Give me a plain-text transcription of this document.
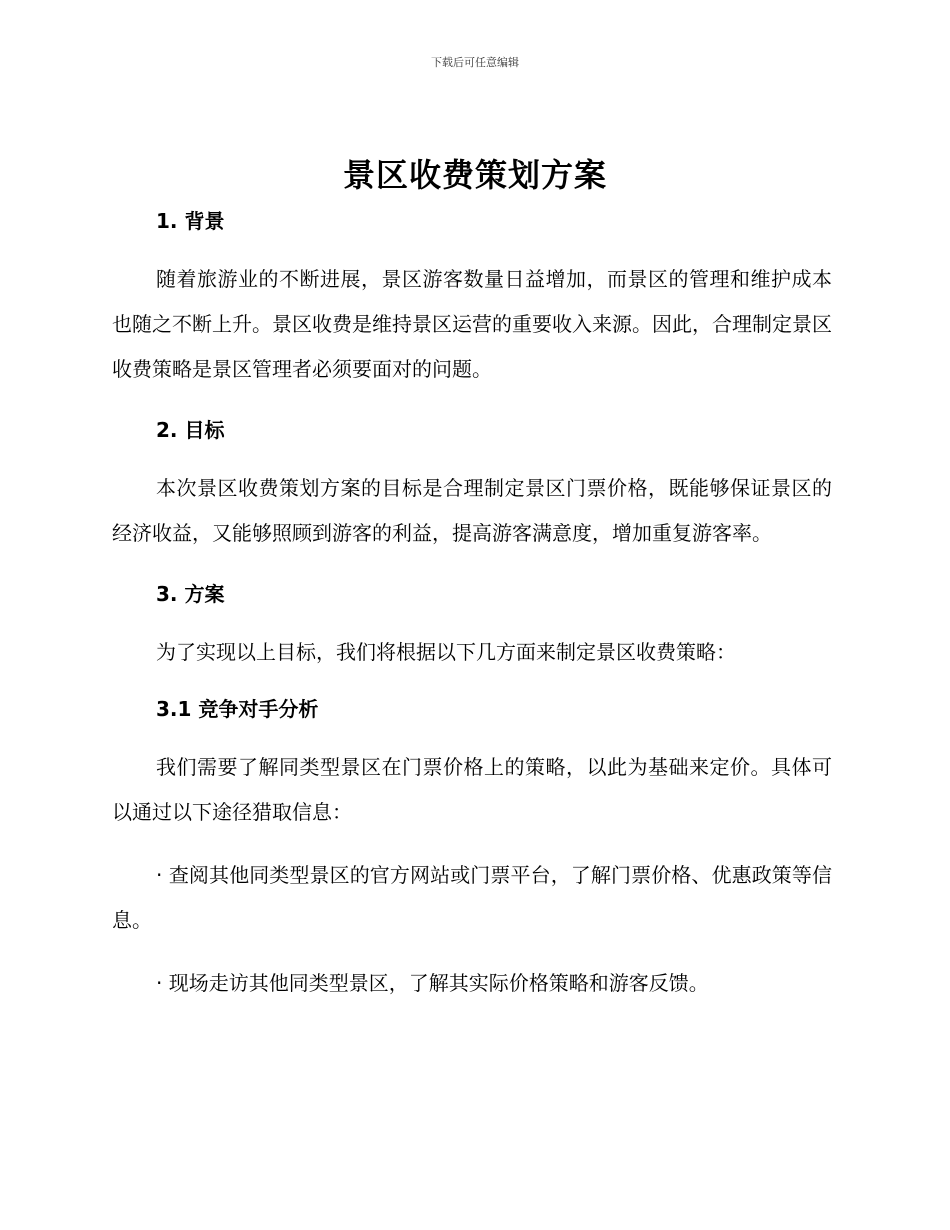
下载后可任意编辑
景区收费策划方案
1. 背景

随着旅游业的不断进展，景区游客数量日益增加，而景区的管理和维护成本也随之不断上升。景区收费是维持景区运营的重要收入来源。因此，合理制定景区收费策略是景区管理者必须要面对的问题。

2. 目标

本次景区收费策划方案的目标是合理制定景区门票价格，既能够保证景区的经济收益，又能够照顾到游客的利益，提高游客满意度，增加重复游客率。

3. 方案

为了实现以上目标，我们将根据以下几方面来制定景区收费策略：

3.1 竞争对手分析

我们需要了解同类型景区在门票价格上的策略，以此为基础来定价。具体可以通过以下途径猎取信息：

· 查阅其他同类型景区的官方网站或门票平台，了解门票价格、优惠政策等信息。

· 现场走访其他同类型景区，了解其实际价格策略和游客反馈。
